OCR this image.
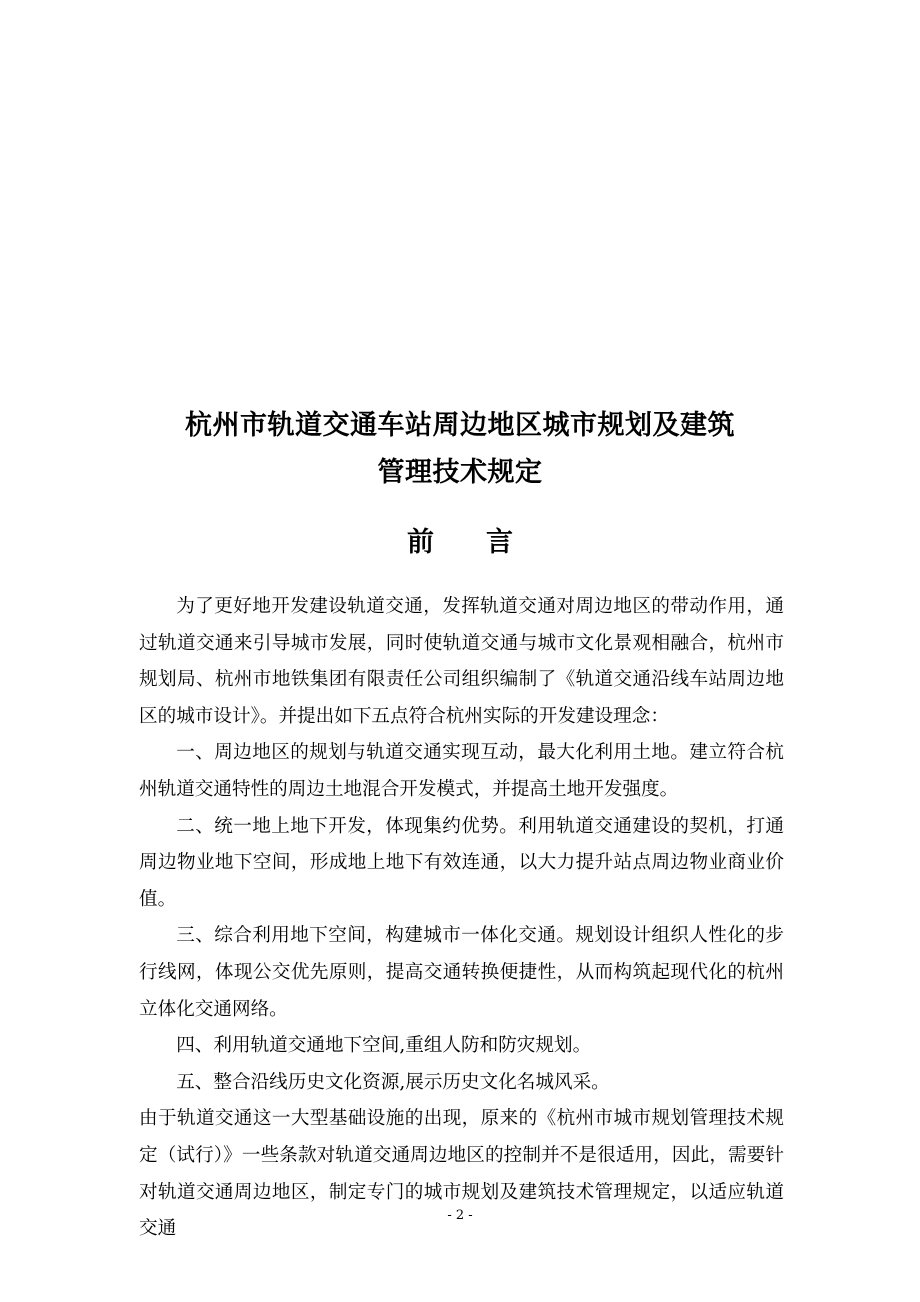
杭州市轨道交通车站周边地区城市规划及建筑
管理技术规定
前 言

为了更好地开发建设轨道交通，发挥轨道交通对周边地区的带动作用，通过轨道交通来引导城市发展，同时使轨道交通与城市文化景观相融合，杭州市规划局、杭州市地铁集团有限责任公司组织编制了《轨道交通沿线车站周边地区的城市设计》。并提出如下五点符合杭州实际的开发建设理念：

一、周边地区的规划与轨道交通实现互动，最大化利用土地。建立符合杭州轨道交通特性的周边土地混合开发模式，并提高土地开发强度。

二、统一地上地下开发，体现集约优势。利用轨道交通建设的契机，打通周边物业地下空间，形成地上地下有效连通，以大力提升站点周边物业商业价值。

三、综合利用地下空间，构建城市一体化交通。规划设计组织人性化的步行线网，体现公交优先原则，提高交通转换便捷性，从而构筑起现代化的杭州立体化交通网络。

四、利用轨道交通地下空间,重组人防和防灾规划。

五、整合沿线历史文化资源,展示历史文化名城风采。

由于轨道交通这一大型基础设施的出现，原来的《杭州市城市规划管理技术规定（试行）》一些条款对轨道交通周边地区的控制并不是很适用，因此，需要针对轨道交通周边地区，制定专门的城市规划及建筑技术管理规定，以适应轨道交通

- 2 -
